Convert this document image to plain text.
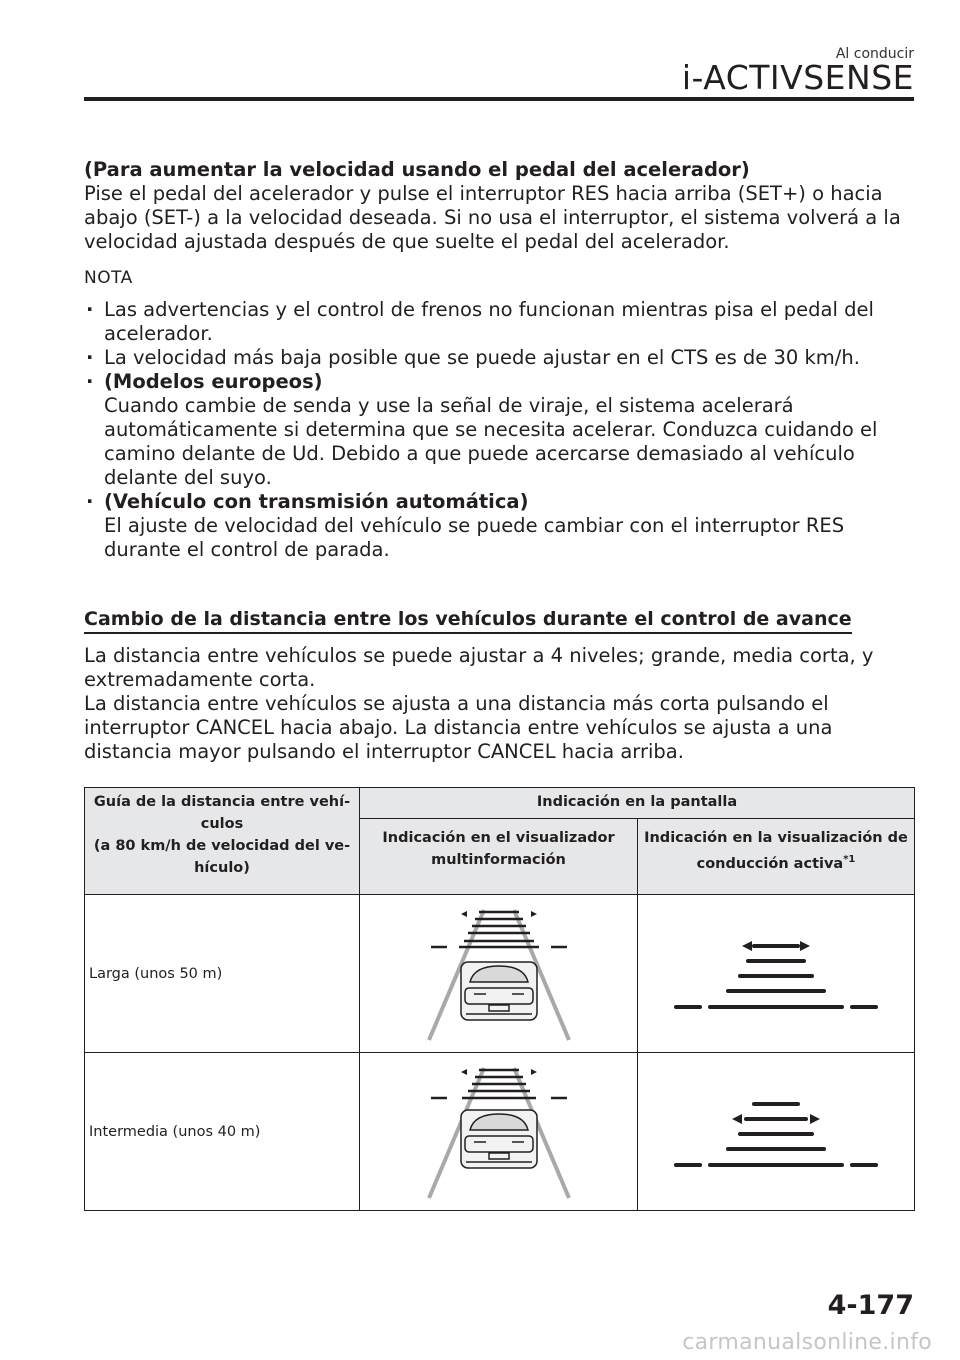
Al conducir
i-ACTIVSENSE

(Para aumentar la velocidad usando el pedal del acelerador)

Pise el pedal del acelerador y pulse el interruptor RES hacia arriba (SET+) o hacia abajo (SET-) a la velocidad deseada. Si no usa el interruptor, el sistema volverá a la velocidad ajustada después de que suelte el pedal del acelerador.

NOTA

· Las advertencias y el control de frenos no funcionan mientras pisa el pedal del acelerador.
· La velocidad más baja posible que se puede ajustar en el CTS es de 30 km/h.
· (Modelos europeos)
Cuando cambie de senda y use la señal de viraje, el sistema acelerará automáticamente si determina que se necesita acelerar. Conduzca cuidando el camino delante de Ud. Debido a que puede acercarse demasiado al vehículo delante del suyo.
· (Vehículo con transmisión automática)
El ajuste de velocidad del vehículo se puede cambiar con el interruptor RES durante el control de parada.
Cambio de la distancia entre los vehículos durante el control de avance

La distancia entre vehículos se puede ajustar a 4 niveles; grande, media corta, y extremadamente corta.

La distancia entre vehículos se ajusta a una distancia más corta pulsando el interruptor CANCEL hacia abajo. La distancia entre vehículos se ajusta a una distancia mayor pulsando el interruptor CANCEL hacia arriba.

Guía de la distancia entre vehí-culos
(a 80 km/h de velocidad del ve-hículo)	Indicación en la pantalla	
	Indicación en el visualizador multinformación	Indicación en la visualización de conducción activa$^{*1}$
Larga (unos 50 m)		
Intermedia (unos 40 m)		
4-177
carmanualsonline.info
